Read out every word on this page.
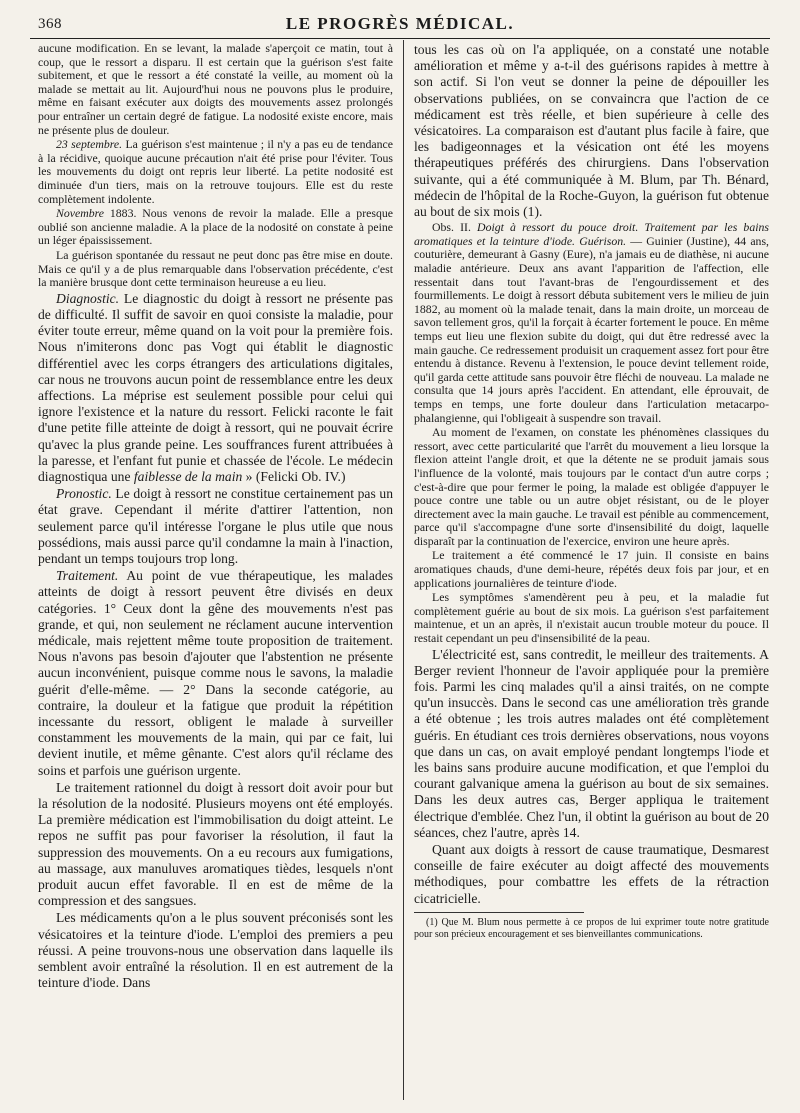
368	LE PROGRÈS MÉDICAL.

aucune modification. En se levant, la malade s'aperçoit ce matin, tout à coup, que le ressort a disparu. Il est certain que la guérison s'est faite subitement, et que le ressort a été constaté la veille, au moment où la malade se mettait au lit. Aujourd'hui nous ne pouvons plus le produire, même en faisant exécuter aux doigts des mouvements assez prolongés pour entraîner un certain degré de fatigue. La nodosité existe encore, mais ne présente plus de douleur.

23 septembre. La guérison s'est maintenue ; il n'y a pas eu de tendance à la récidive, quoique aucune précaution n'ait été prise pour l'éviter. Tous les mouvements du doigt ont repris leur liberté. La petite nodosité est diminuée d'un tiers, mais on la retrouve toujours. Elle est du reste complètement indolente.

Novembre 1883. Nous venons de revoir la malade. Elle a presque oublié son ancienne maladie. A la place de la nodosité on constate à peine un léger épaississement.

La guérison spontanée du ressaut ne peut donc pas être mise en doute. Mais ce qu'il y a de plus remarquable dans l'observation précédente, c'est la manière brusque dont cette terminaison heureuse a eu lieu.

Diagnostic. Le diagnostic du doigt à ressort ne présente pas de difficulté. Il suffit de savoir en quoi consiste la maladie, pour éviter toute erreur, même quand on la voit pour la première fois. Nous n'imiterons donc pas Vogt qui établit le diagnostic différentiel avec les corps étrangers des articulations digitales, car nous ne trouvons aucun point de ressemblance entre les deux affections. La méprise est seulement possible pour celui qui ignore l'existence et la nature du ressort. Felicki raconte le fait d'une petite fille atteinte de doigt à ressort, qui ne pouvait écrire qu'avec la plus grande peine. Les souffrances furent attribuées à la paresse, et l'enfant fut punie et chassée de l'école. Le médecin diagnostiqua une faiblesse de la main » (Felicki Ob. IV.)

Pronostic. Le doigt à ressort ne constitue certainement pas un état grave. Cependant il mérite d'attirer l'attention, non seulement parce qu'il intéresse l'organe le plus utile que nous possédions, mais aussi parce qu'il condamne la main à l'inaction, pendant un temps toujours trop long.

Traitement. Au point de vue thérapeutique, les malades atteints de doigt à ressort peuvent être divisés en deux catégories. 1° Ceux dont la gêne des mouvements n'est pas grande, et qui, non seulement ne réclament aucune intervention médicale, mais rejettent même toute proposition de traitement. Nous n'avons pas besoin d'ajouter que l'abstention ne présente aucun inconvénient, puisque comme nous le savons, la maladie guérit d'elle-même. — 2° Dans la seconde catégorie, au contraire, la douleur et la fatigue que produit la répétition incessante du ressort, obligent le malade à surveiller constamment les mouvements de la main, qui par ce fait, lui devient inutile, et même gênante. C'est alors qu'il réclame des soins et parfois une guérison urgente.

Le traitement rationnel du doigt à ressort doit avoir pour but la résolution de la nodosité. Plusieurs moyens ont été employés. La première médication est l'immobilisation du doigt atteint. Le repos ne suffit pas pour favoriser la résolution, il faut la suppression des mouvements. On a eu recours aux fumigations, au massage, aux manuluves aromatiques tièdes, lesquels n'ont produit aucun effet favorable. Il en est de même de la compression et des sangsues.

Les médicaments qu'on a le plus souvent préconisés sont les vésicatoires et la teinture d'iode. L'emploi des premiers a peu réussi. A peine trouvons-nous une observation dans laquelle ils semblent avoir entraîné la résolution. Il en est autrement de la teinture d'iode. Dans

tous les cas où on l'a appliquée, on a constaté une notable amélioration et même y a-t-il des guérisons rapides à mettre à son actif. Si l'on veut se donner la peine de dépouiller les observations publiées, on se convaincra que l'action de ce médicament est très réelle, et bien supérieure à celle des vésicatoires. La comparaison est d'autant plus facile à faire, que les badigeonnages et la vésication ont été les moyens thérapeutiques préférés des chirurgiens. Dans l'observation suivante, qui a été communiquée à M. Blum, par Th. Bénard, médecin de l'hôpital de la Roche-Guyon, la guérison fut obtenue au bout de six mois (1).

Obs. II. Doigt à ressort du pouce droit. Traitement par les bains aromatiques et la teinture d'iode. Guérison. — Guinier (Justine), 44 ans, couturière, demeurant à Gasny (Eure), n'a jamais eu de diathèse, ni aucune maladie antérieure. Deux ans avant l'apparition de l'affection, elle ressentait dans tout l'avant-bras de l'engourdissement et des fourmillements. Le doigt à ressort débuta subitement vers le milieu de juin 1882, au moment où la malade tenait, dans la main droite, un morceau de savon tellement gros, qu'il la forçait à écarter fortement le pouce. En même temps eut lieu une flexion subite du doigt, qui dut être redressé avec la main gauche. Ce redressement produisit un craquement assez fort pour être entendu à distance. Revenu à l'extension, le pouce devint tellement roide, qu'il garda cette attitude sans pouvoir être fléchi de nouveau. La malade ne consulta que 14 jours après l'accident. En attendant, elle éprouvait, de temps en temps, une forte douleur dans l'articulation metacarpo-phalangienne, qui l'obligeait à suspendre son travail.

Au moment de l'examen, on constate les phénomènes classiques du ressort, avec cette particularité que l'arrêt du mouvement a lieu lorsque la flexion atteint l'angle droit, et que la détente ne se produit jamais sous l'influence de la volonté, mais toujours par le contact d'un autre corps ; c'est-à-dire que pour fermer le poing, la malade est obligée d'appuyer le pouce contre une table ou un autre objet résistant, ou de le ployer directement avec la main gauche. Le travail est pénible au commencement, parce qu'il s'accompagne d'une sorte d'insensibilité du doigt, laquelle disparaît par la continuation de l'exercice, environ une heure après.

Le traitement a été commencé le 17 juin. Il consiste en bains aromatiques chauds, d'une demi-heure, répétés deux fois par jour, et en applications journalières de teinture d'iode.

Les symptômes s'amendèrent peu à peu, et la maladie fut complètement guérie au bout de six mois. La guérison s'est parfaitement maintenue, et un an après, il n'existait aucun trouble moteur du pouce. Il restait cependant un peu d'insensibilité de la peau.

L'électricité est, sans contredit, le meilleur des traitements. A Berger revient l'honneur de l'avoir appliquée pour la première fois. Parmi les cinq malades qu'il a ainsi traités, on ne compte qu'un insuccès. Dans le second cas une amélioration très grande a été obtenue ; les trois autres malades ont été complètement guéris. En étudiant ces trois dernières observations, nous voyons que dans un cas, on avait employé pendant longtemps l'iode et les bains sans produire aucune modification, et que l'emploi du courant galvanique amena la guérison au bout de six semaines. Dans les deux autres cas, Berger appliqua le traitement électrique d'emblée. Chez l'un, il obtint la guérison au bout de 20 séances, chez l'autre, après 14.

Quant aux doigts à ressort de cause traumatique, Desmarest conseille de faire exécuter au doigt affecté des mouvements méthodiques, pour combattre les effets de la rétraction cicatricielle.

(1) Que M. Blum nous permette à ce propos de lui exprimer toute notre gratitude pour son précieux encouragement et ses bienveillantes communications.
